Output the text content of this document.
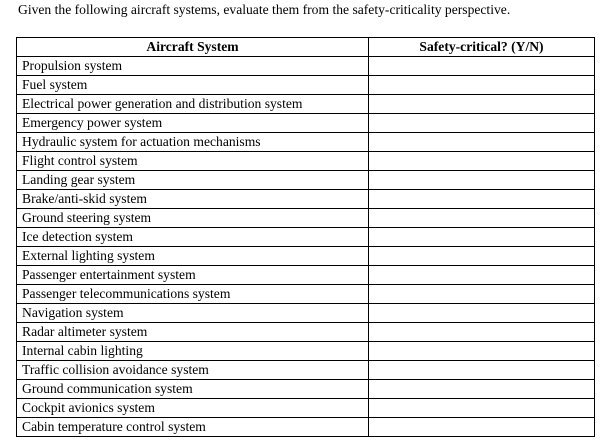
Given the following aircraft systems, evaluate them from the safety-criticality perspective.
Aircraft System	Safety-critical? (Y/N)
Propulsion system	
Fuel system	
Electrical power generation and distribution system	
Emergency power system	
Hydraulic system for actuation mechanisms	
Flight control system	
Landing gear system	
Brake/anti-skid system	
Ground steering system	
Ice detection system	
External lighting system	
Passenger entertainment system	
Passenger telecommunications system	
Navigation system	
Radar altimeter system	
Internal cabin lighting	
Traffic collision avoidance system	
Ground communication system	
Cockpit avionics system	
Cabin temperature control system	
